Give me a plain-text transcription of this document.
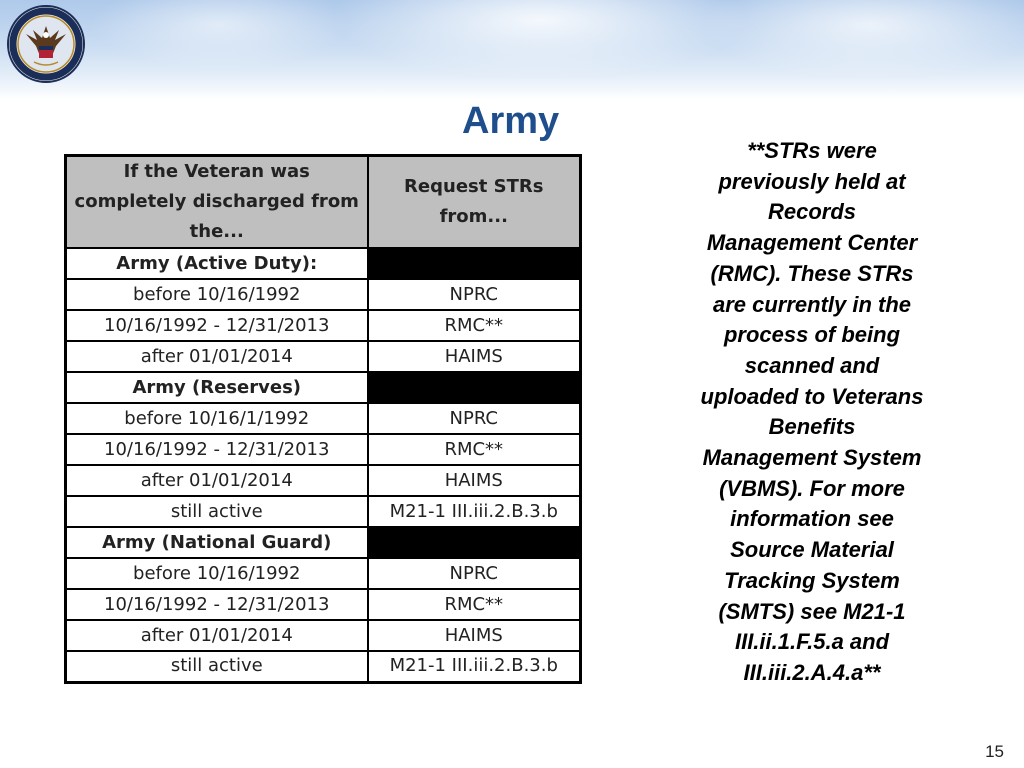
Army
If the Veteran was completely discharged from the...	Request STRs from...
Army (Active Duty):	
before 10/16/1992	NPRC
10/16/1992 - 12/31/2013	RMC**
after 01/01/2014	HAIMS
Army (Reserves)	
before 10/16/1/1992	NPRC
10/16/1992 - 12/31/2013	RMC**
after 01/01/2014	HAIMS
still active	M21-1 III.iii.2.B.3.b
Army (National Guard)	
before 10/16/1992	NPRC
10/16/1992 - 12/31/2013	RMC**
after 01/01/2014	HAIMS
still active	M21-1 III.iii.2.B.3.b
**STRs were
previously held at
Records
Management Center
(RMC). These STRs
are currently in the
process of being
scanned and
uploaded to Veterans
Benefits
Management System
(VBMS). For more
information see
Source Material
Tracking System
(SMTS) see M21-1
III.ii.1.F.5.a and
III.iii.2.A.4.a**
15
